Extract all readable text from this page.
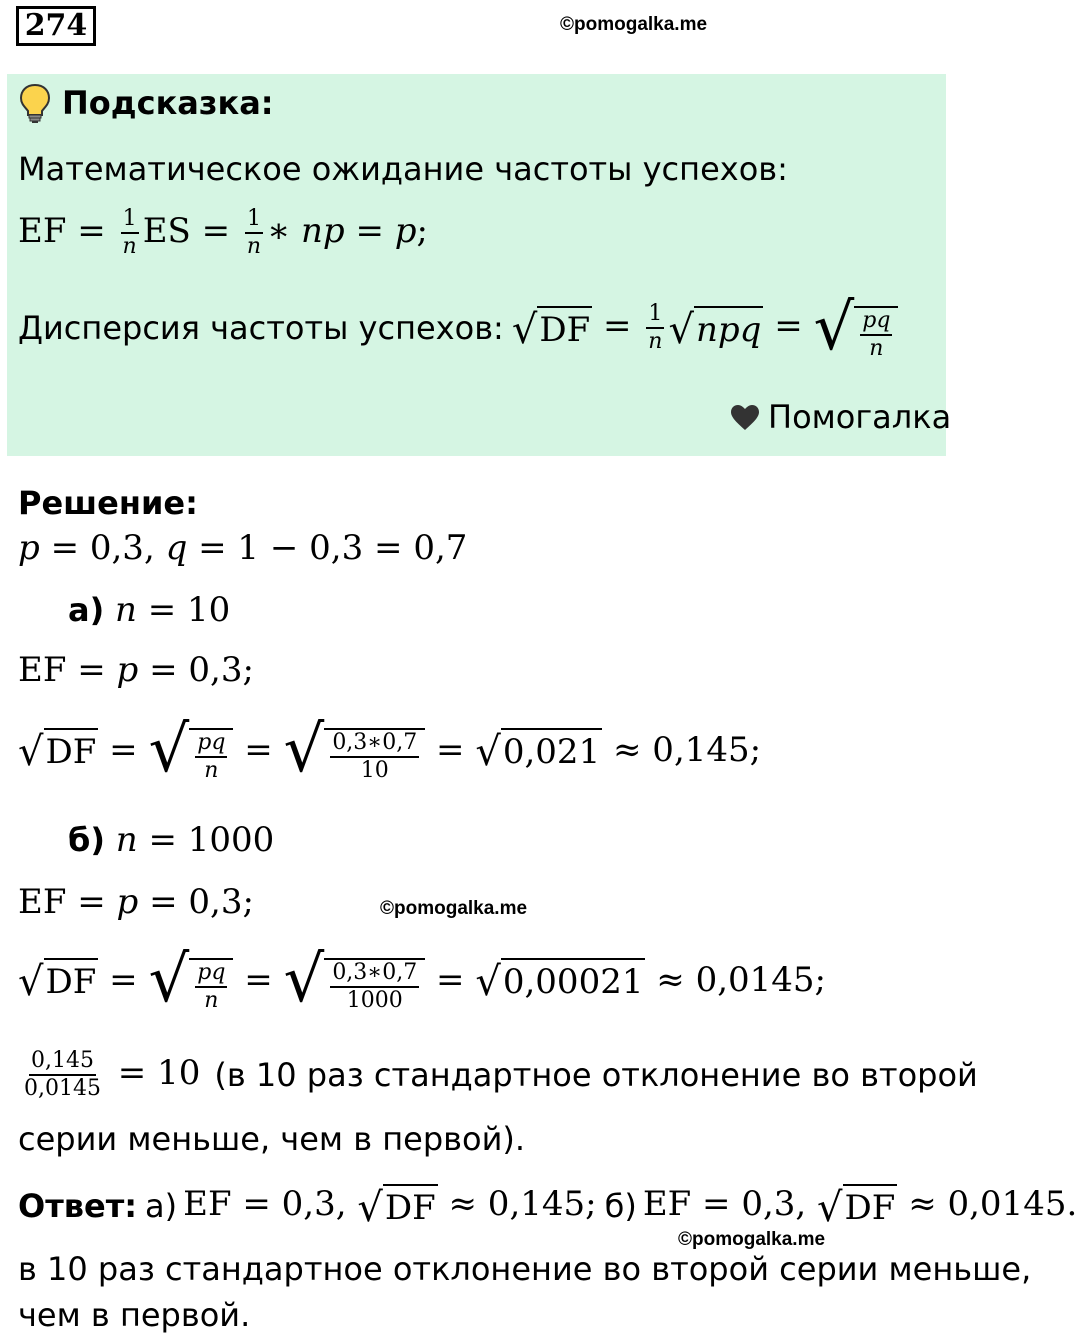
274	©pomogalka.me
Подсказка:
Математическое ожидание частоты успехов:
EF = $\frac{1}{n}$ ES = $\frac{1}{n}$ ∗ np = p;
Дисперсия частоты успехов: √ DF = $\frac{1}{n}$ √ npq = √ $\frac{pq}{n}$
Помогалка
Решение:
p = 0,3, q = 1 − 0,3 = 0,7
а) n = 10
EF = p = 0,3;
√ DF = √ $\frac{pq}{n}$ = √ $\frac{0,3∗0,7}{10}$ = √ 0,021 ≈ 0,145;
б) n = 1000
EF = p = 0,3;	©pomogalka.me
√ DF = √ $\frac{pq}{n}$ = √ $\frac{0,3∗0,7}{1000}$ = √ 0,00021 ≈ 0,0145;
$\frac{0,145}{0,0145} = 10$ (в 10 раз стандартное отклонение во второй
серии меньше, чем в первой).
Ответ: а) EF = 0,3, √ DF ≈ 0,145; б) EF = 0,3, √ DF ≈ 0,0145.
©pomogalka.me
в 10 раз стандартное отклонение во второй серии меньше,
чем в первой.
